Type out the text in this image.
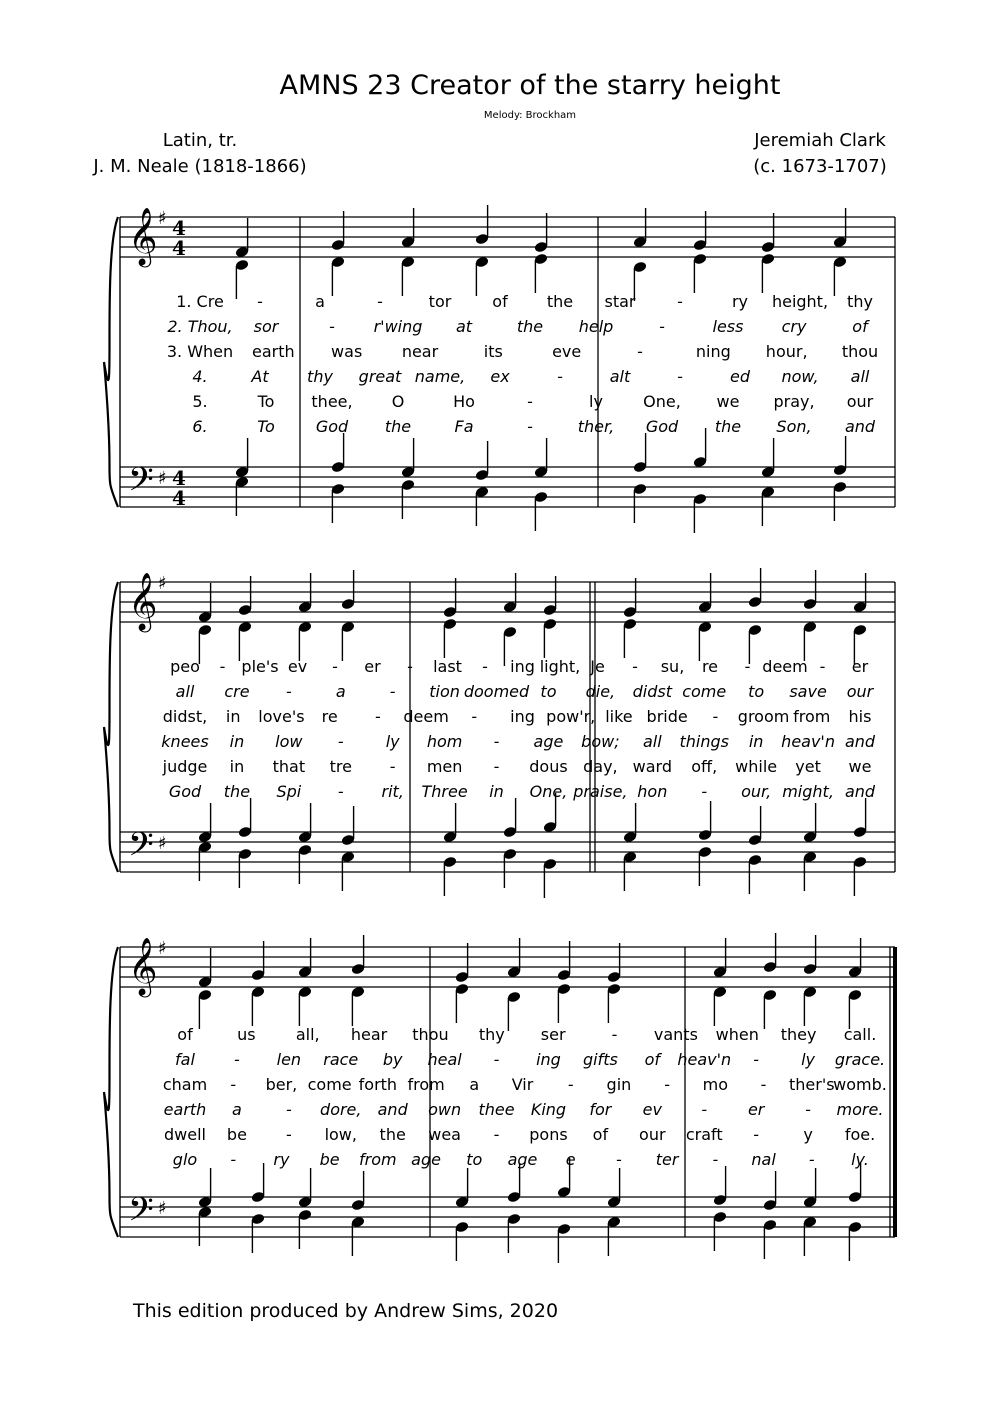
AMNS 23 Creator of the starry height
Melody: Brockham
Latin, tr.
J. M. Neale (1818-1866)
Jeremiah Clark
(c. 1673-1707)
𝄞 ♯ 4
4
𝄢 ♯ 4
4
𝄞 ♯
𝄢 ♯
𝄞 ♯
𝄢 ♯
1. Cre -	a	-	tor	of the star	-	ry height, thy
2. Thou, sor	- r'wing at	the help	-	less cry	of
3. When earth was near	its	eve	-	ning hour, thou
4.	At thy great name, ex	-	alt	-	ed now, all
5.	To thee, O	Ho	-	ly	One, we pray, our
6.	To	God the	Fa	-	ther, God the Son, and
peo - ple's ev - er - last - ing light, Je - su, re - deem - er
all cre -	a	- tion doomed to die, didst come to save our
didst, in love's re - deem - ing pow'r, like bride - groom from his
knees in low -	ly hom - age bow; all things in heav'n and
judge in that tre - men - dous day, ward off, while yet we
God the Spi - rit, Three in One, praise, hon - our, might, and
of	us	all, hear thou thy ser	- vants when they call.
fal - len race by heal - ing gifts of heav'n -	ly grace.
cham - ber, come forth from a Vir - gin - mo - ther's
womb.
earth a	- dore, and own thee King for ev -	er	- more.
dwell be - low, the wea - pons of our craft -	y foe.
glo - ry be from age to age e	- ter - nal - ly.
This edition produced by Andrew Sims, 2020
